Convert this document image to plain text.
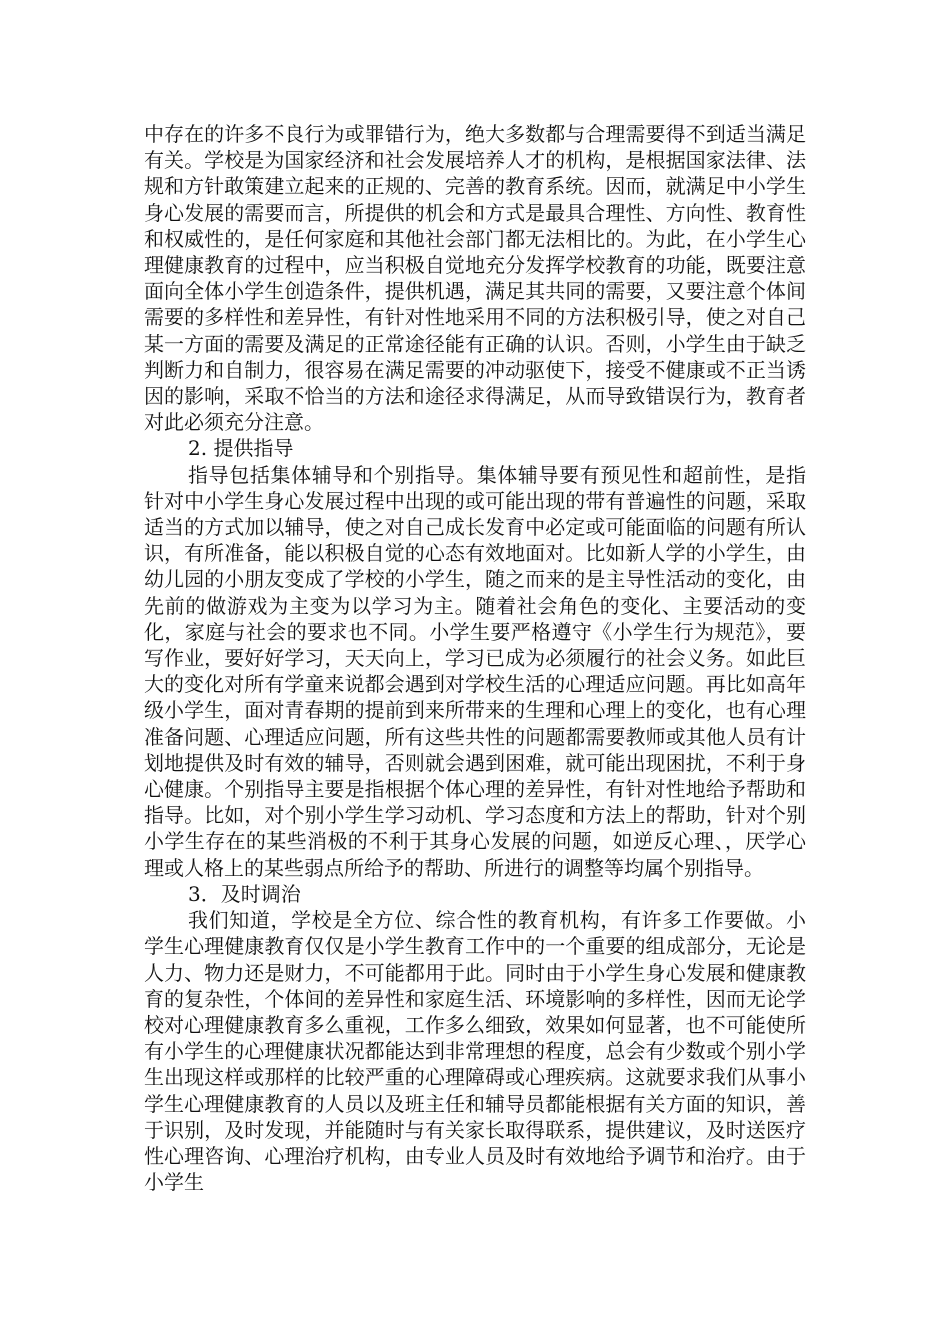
中存在的许多不良行为或罪错行为，绝大多数都与合理需要得不到适当满足有关。学校是为国家经济和社会发展培养人才的机构，是根据国家法律、法规和方针敢策建立起来的正规的、完善的教育系统。因而，就满足中小学生身心发展的需要而言，所提供的机会和方式是最具合理性、方向性、教育性和权威性的，是任何家庭和其他社会部门都无法相比的。为此，在小学生心理健康教育的过程中，应当积极自觉地充分发挥学校教育的功能，既要注意面向全体小学生创造条件，提供机遇，满足其共同的需要，又要注意个体间需要的多样性和差异性，有针对性地采用不同的方法积极引导，使之对自己某一方面的需要及满足的正常途径能有正确的认识。否则，小学生由于缺乏判断力和自制力，很容易在满足需要的冲动驱使下，接受不健康或不正当诱因的影响，采取不恰当的方法和途径求得满足，从而导致错误行为，教育者对此必须充分注意。

2. 提供指导

指导包括集体辅导和个别指导。集体辅导要有预见性和超前性，是指针对中小学生身心发展过程中出现的或可能出现的带有普遍性的问题，采取适当的方式加以辅导，使之对自己成长发育中必定或可能面临的问题有所认识，有所准备，能以积极自觉的心态有效地面对。比如新人学的小学生，由幼儿园的小朋友变成了学校的小学生，随之而来的是主导性活动的变化，由先前的做游戏为主变为以学习为主。随着社会角色的变化、主要活动的变化，家庭与社会的要求也不同。小学生要严格遵守《小学生行为规范》，要写作业，要好好学习，天天向上，学习已成为必须履行的社会义务。如此巨大的变化对所有学童来说都会遇到对学校生活的心理适应问题。再比如高年级小学生，面对青春期的提前到来所带来的生理和心理上的变化，也有心理准备问题、心理适应问题，所有这些共性的问题都需要教师或其他人员有计划地提供及时有效的辅导，否则就会遇到困难，就可能出现困扰，不利于身心健康。个别指导主要是指根据个体心理的差异性，有针对性地给予帮助和指导。比如，对个别小学生学习动机、学习态度和方法上的帮助，针对个别小学生存在的某些消极的不利于其身心发展的问题，如逆反心理、，厌学心理或人格上的某些弱点所给予的帮助、所进行的调整等均属个别指导。

3．及时调治

我们知道，学校是全方位、综合性的教育机构，有许多工作要做。小学生心理健康教育仅仅是小学生教育工作中的一个重要的组成部分，无论是人力、物力还是财力，不可能都用于此。同时由于小学生身心发展和健康教育的复杂性，个体间的差异性和家庭生活、环境影响的多样性，因而无论学校对心理健康教育多么重视，工作多么细致，效果如何显著，也不可能使所有小学生的心理健康状况都能达到非常理想的程度，总会有少数或个别小学生出现这样或那样的比较严重的心理障碍或心理疾病。这就要求我们从事小学生心理健康教育的人员以及班主任和辅导员都能根据有关方面的知识，善于识别，及时发现，并能随时与有关家长取得联系，提供建议，及时送医疗性心理咨询、心理治疗机构，由专业人员及时有效地给予调节和治疗。由于小学生
